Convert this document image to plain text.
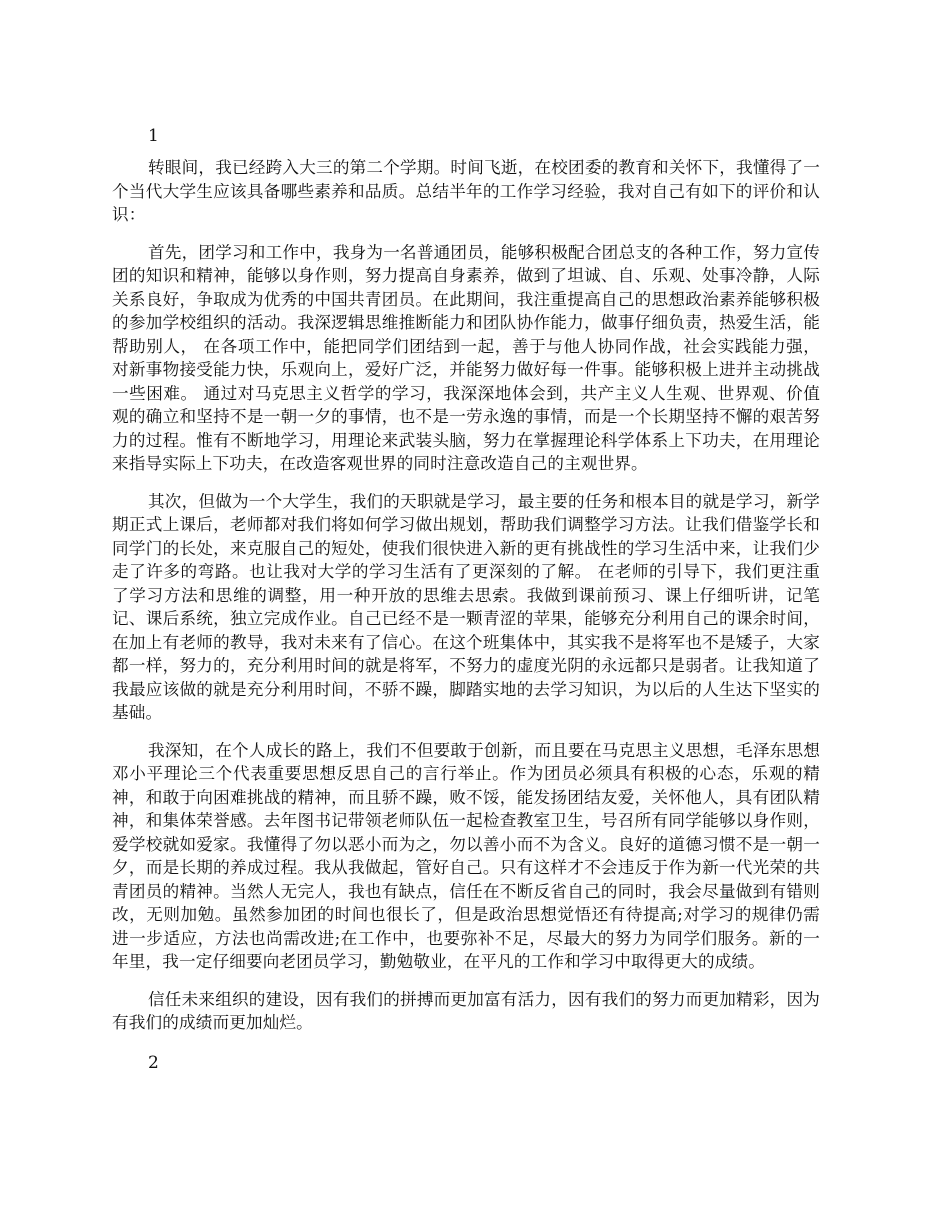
1

转眼间，我已经跨入大三的第二个学期。时间飞逝，在校团委的教育和关怀下，我懂得了一个当代大学生应该具备哪些素养和品质。总结半年的工作学习经验，我对自己有如下的评价和认识：

首先，团学习和工作中，我身为一名普通团员，能够积极配合团总支的各种工作，努力宣传团的知识和精神，能够以身作则，努力提高自身素养，做到了坦诚、自、乐观、处事冷静，人际关系良好，争取成为优秀的中国共青团员。在此期间，我注重提高自己的思想政治素养能够积极的参加学校组织的活动。我深逻辑思维推断能力和团队协作能力，做事仔细负责，热爱生活，能帮助别人， 在各项工作中，能把同学们团结到一起，善于与他人协同作战，社会实践能力强，对新事物接受能力快，乐观向上，爱好广泛，并能努力做好每一件事。能够积极上进并主动挑战一些困难。 通过对马克思主义哲学的学习，我深深地体会到，共产主义人生观、世界观、价值观的确立和坚持不是一朝一夕的事情，也不是一劳永逸的事情，而是一个长期坚持不懈的艰苦努力的过程。惟有不断地学习，用理论来武装头脑，努力在掌握理论科学体系上下功夫，在用理论来指导实际上下功夫，在改造客观世界的同时注意改造自己的主观世界。

其次，但做为一个大学生，我们的天职就是学习，最主要的任务和根本目的就是学习，新学期正式上课后，老师都对我们将如何学习做出规划，帮助我们调整学习方法。让我们借鉴学长和同学门的长处，来克服自己的短处，使我们很快进入新的更有挑战性的学习生活中来，让我们少走了许多的弯路。也让我对大学的学习生活有了更深刻的了解。 在老师的引导下，我们更注重了学习方法和思维的调整，用一种开放的思维去思索。我做到课前预习、课上仔细听讲，记笔记、课后系统，独立完成作业。自己已经不是一颗青涩的苹果，能够充分利用自己的课余时间，在加上有老师的教导，我对未来有了信心。在这个班集体中，其实我不是将军也不是矮子，大家都一样，努力的，充分利用时间的就是将军，不努力的虚度光阴的永远都只是弱者。让我知道了我最应该做的就是充分利用时间，不骄不躁，脚踏实地的去学习知识，为以后的人生达下坚实的基础。

我深知，在个人成长的路上，我们不但要敢于创新，而且要在马克思主义思想，毛泽东思想邓小平理论三个代表重要思想反思自己的言行举止。作为团员必须具有积极的心态，乐观的精神，和敢于向困难挑战的精神，而且骄不躁，败不馁，能发扬团结友爱，关怀他人，具有团队精神，和集体荣誉感。去年图书记带领老师队伍一起检查教室卫生，号召所有同学能够以身作则，爱学校就如爱家。我懂得了勿以恶小而为之，勿以善小而不为含义。良好的道德习惯不是一朝一夕，而是长期的养成过程。我从我做起，管好自己。只有这样才不会违反于作为新一代光荣的共青团员的精神。当然人无完人，我也有缺点，信任在不断反省自己的同时，我会尽量做到有错则改，无则加勉。虽然参加团的时间也很长了，但是政治思想觉悟还有待提高;对学习的规律仍需进一步适应，方法也尚需改进;在工作中，也要弥补不足，尽最大的努力为同学们服务。新的一年里，我一定仔细要向老团员学习，勤勉敬业，在平凡的工作和学习中取得更大的成绩。

信任未来组织的建设，因有我们的拼搏而更加富有活力，因有我们的努力而更加精彩，因为有我们的成绩而更加灿烂。

2
